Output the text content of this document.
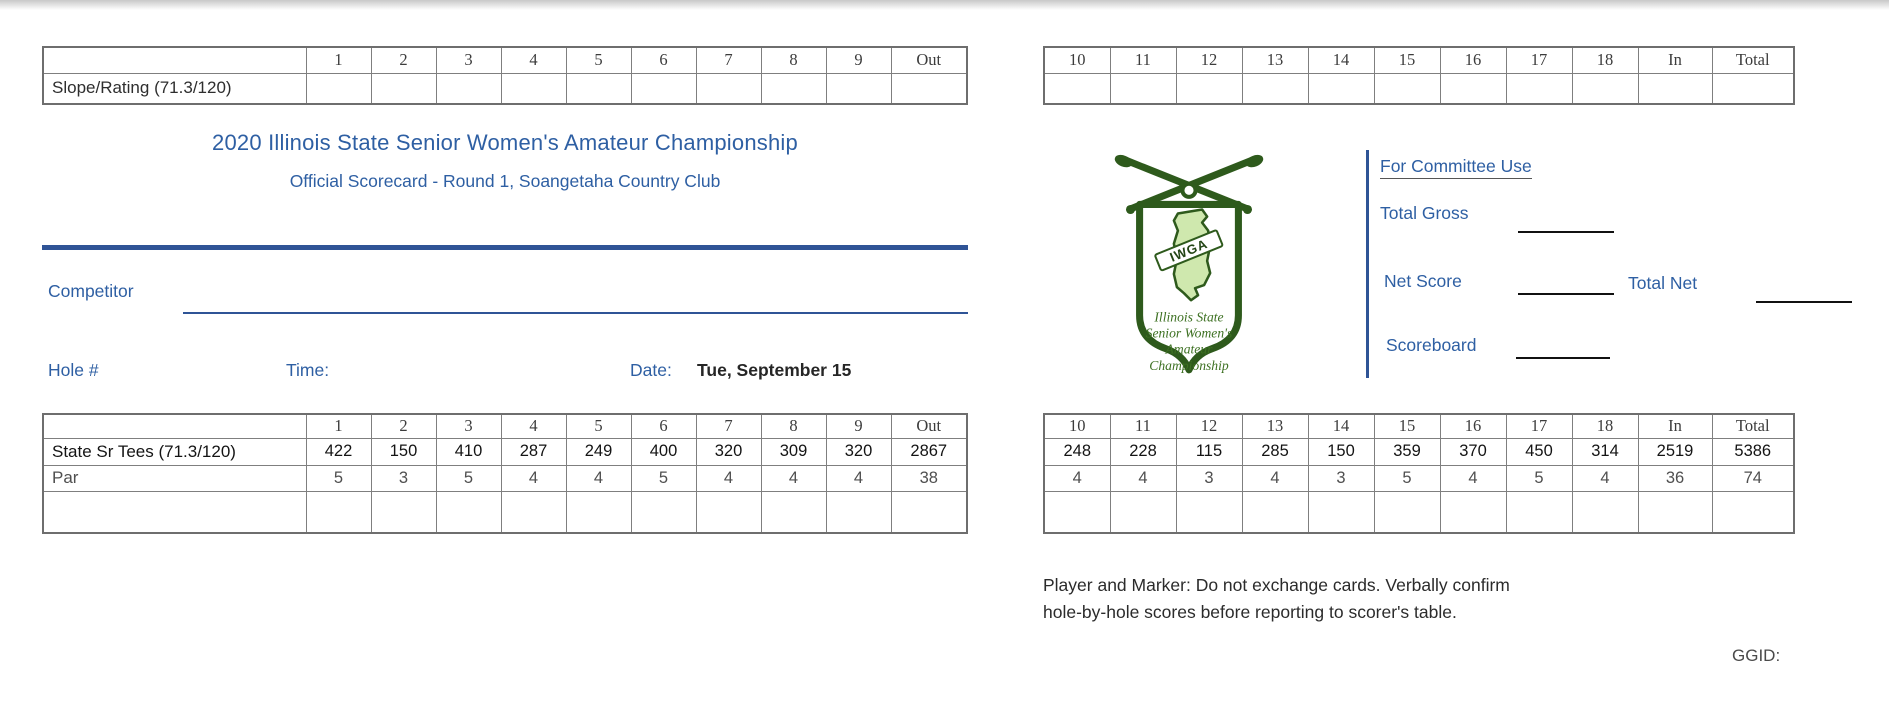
	1	2	3	4	5	6	7	8	9	Out
Slope/Rating (71.3/120)										
10	11	12	13	14	15	16	17	18	In	Total

2020 Illinois State Senior Women's Amateur Championship
Official Scorecard - Round 1, Soangetaha Country Club
Competitor
Hole #	Time:	Date: Tue, September 15
	1	2	3	4	5	6	7	8	9	Out
State Sr Tees (71.3/120)	422	150	410	287	249	400	320	309	320	2867
Par	5	3	5	4	4	5	4	4	4	38

10	11	12	13	14	15	16	17	18	In	Total
248	228	115	285	150	359	370	450	314	2519	5386
4	4	3	4	3	5	4	5	4	36	74

IWGA
Illinois State
Senior Women's
Amateur
Championship
For Committee Use
Total Gross
Net Score	Total Net
Scoreboard
Player and Marker: Do not exchange cards. Verbally confirm hole-by-hole scores before reporting to scorer's table.
GGID:
